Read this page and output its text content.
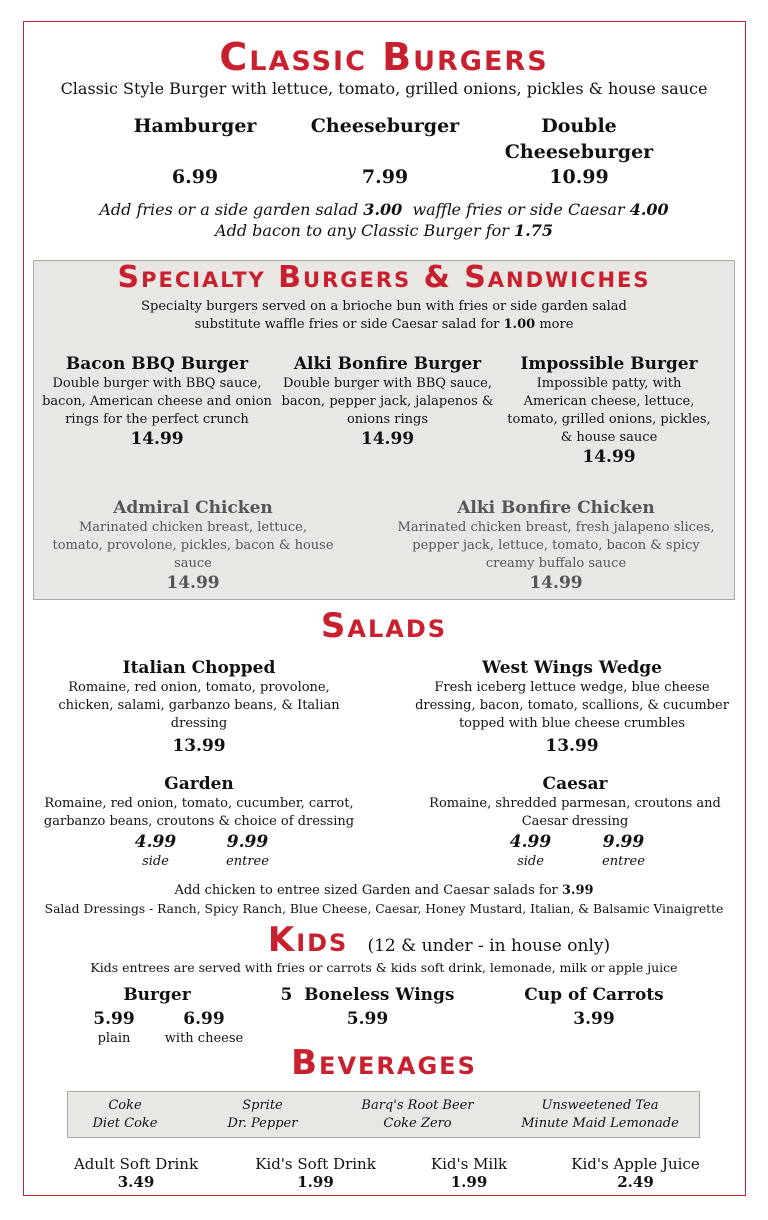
Classic Burgers
Classic Style Burger with lettuce, tomato, grilled onions, pickles & house sauce
Hamburger	Cheeseburger	Double Cheeseburger
6.99	7.99	10.99
Add fries or a side garden salad 3.00  waffle fries or side Caesar 4.00
Add bacon to any Classic Burger for 1.75
Specialty Burgers & Sandwiches
Specialty burgers served on a brioche bun with fries or side garden salad
substitute waffle fries or side Caesar salad for 1.00 more
Bacon BBQ Burger
Double burger with BBQ sauce, bacon, American cheese and onion rings for the perfect crunch
14.99
Alki Bonfire Burger
Double burger with BBQ sauce, bacon, pepper jack, jalapenos & onions rings
14.99
Impossible Burger
Impossible patty, with American cheese, lettuce, tomato, grilled onions, pickles, & house sauce
14.99
Admiral Chicken
Marinated chicken breast, lettuce, tomato, provolone, pickles, bacon & house sauce
14.99
Alki Bonfire Chicken
Marinated chicken breast, fresh jalapeno slices, pepper jack, lettuce, tomato, bacon & spicy creamy buffalo sauce
14.99
Salads
Italian Chopped
Romaine, red onion, tomato, provolone, chicken, salami, garbanzo beans, & Italian dressing
13.99
West Wings Wedge
Fresh iceberg lettuce wedge, blue cheese dressing, bacon, tomato, scallions, & cucumber topped with blue cheese crumbles
13.99
Garden
Romaine, red onion, tomato, cucumber, carrot, garbanzo beans, croutons & choice of dressing
4.99
side
9.99
entree
Caesar
Romaine, shredded parmesan, croutons and Caesar dressing
4.99
side
9.99
entree
Add chicken to entree sized Garden and Caesar salads for 3.99
Salad Dressings - Ranch, Spicy Ranch, Blue Cheese, Caesar, Honey Mustard, Italian, & Balsamic Vinaigrette
Kids (12 & under - in house only)
Kids entrees are served with fries or carrots & kids soft drink, lemonade, milk or apple juice
Burger
5.99
plain
6.99
with cheese
5  Boneless Wings
5.99
Cup of Carrots
3.99
Beverages
Coke
Diet Coke
Sprite
Dr. Pepper
Barq's Root Beer
Coke Zero
Unsweetened Tea
Minute Maid Lemonade
Adult Soft Drink
3.49
Kid's Soft Drink
1.99
Kid's Milk
1.99
Kid's Apple Juice
2.49
